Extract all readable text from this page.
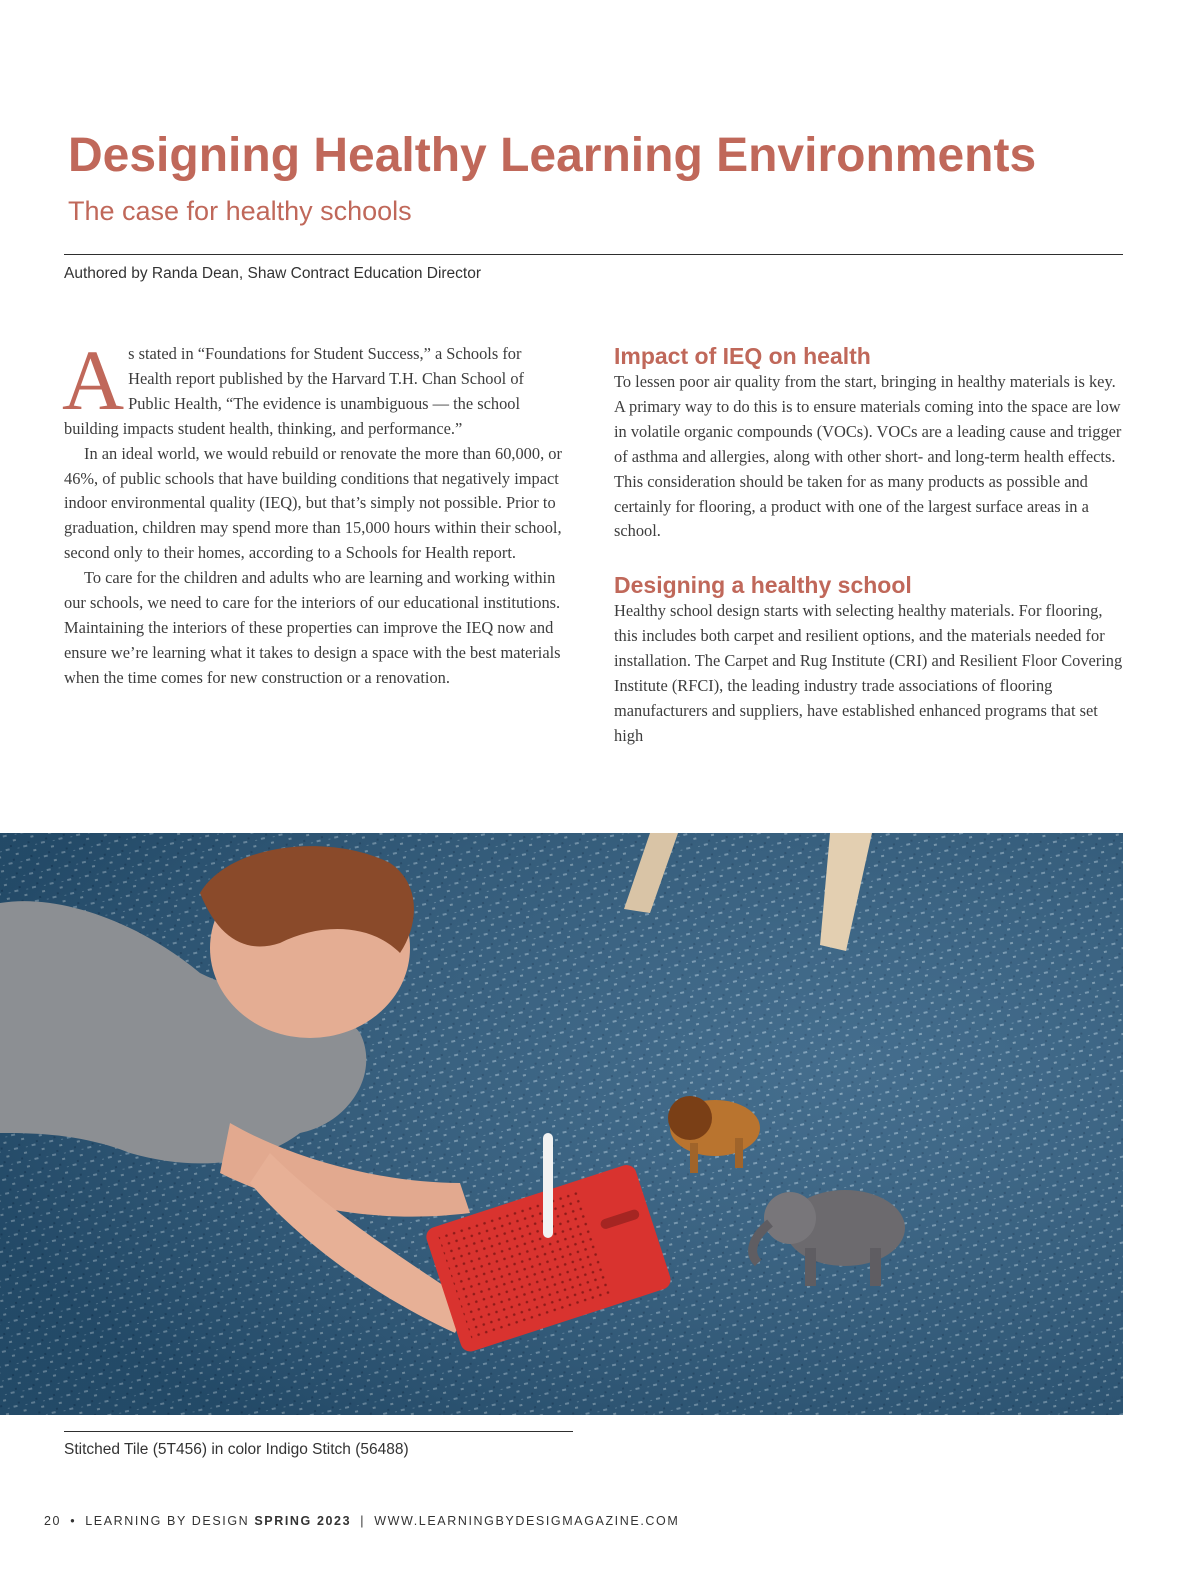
Designing Healthy Learning Environments
The case for healthy schools
Authored by Randa Dean, Shaw Contract Education Director

As stated in “Foundations for Student Success,” a Schools for Health report published by the Harvard T.H. Chan School of Public Health, “The evidence is unambiguous — the school building impacts student health, thinking, and performance.”

In an ideal world, we would rebuild or renovate the more than 60,000, or 46%, of public schools that have building conditions that negatively impact indoor environmental quality (IEQ), but that’s simply not possible. Prior to graduation, children may spend more than 15,000 hours within their school, second only to their homes, according to a Schools for Health report.

To care for the children and adults who are learning and working within our schools, we need to care for the interiors of our educational institutions. Maintaining the interiors of these properties can improve the IEQ now and ensure we’re learning what it takes to design a space with the best materials when the time comes for new construction or a renovation.

Impact of IEQ on health

To lessen poor air quality from the start, bringing in healthy materials is key. A primary way to do this is to ensure materials coming into the space are low in volatile organic compounds (VOCs). VOCs are a leading cause and trigger of asthma and allergies, along with other short- and long-term health effects. This consideration should be taken for as many products as possible and certainly for flooring, a product with one of the largest surface areas in a school.

Designing a healthy school

Healthy school design starts with selecting healthy materials. For flooring, this includes both carpet and resilient options, and the materials needed for installation. The Carpet and Rug Institute (CRI) and Resilient Floor Covering Institute (RFCI), the leading industry trade associations of flooring manufacturers and suppliers, have established enhanced programs that set high

Stitched Tile (5T456) in color Indigo Stitch (56488)
20 • LEARNING BY DESIGN SPRING 2023 | WWW.LEARNINGBYDESIGMAGAZINE.COM
